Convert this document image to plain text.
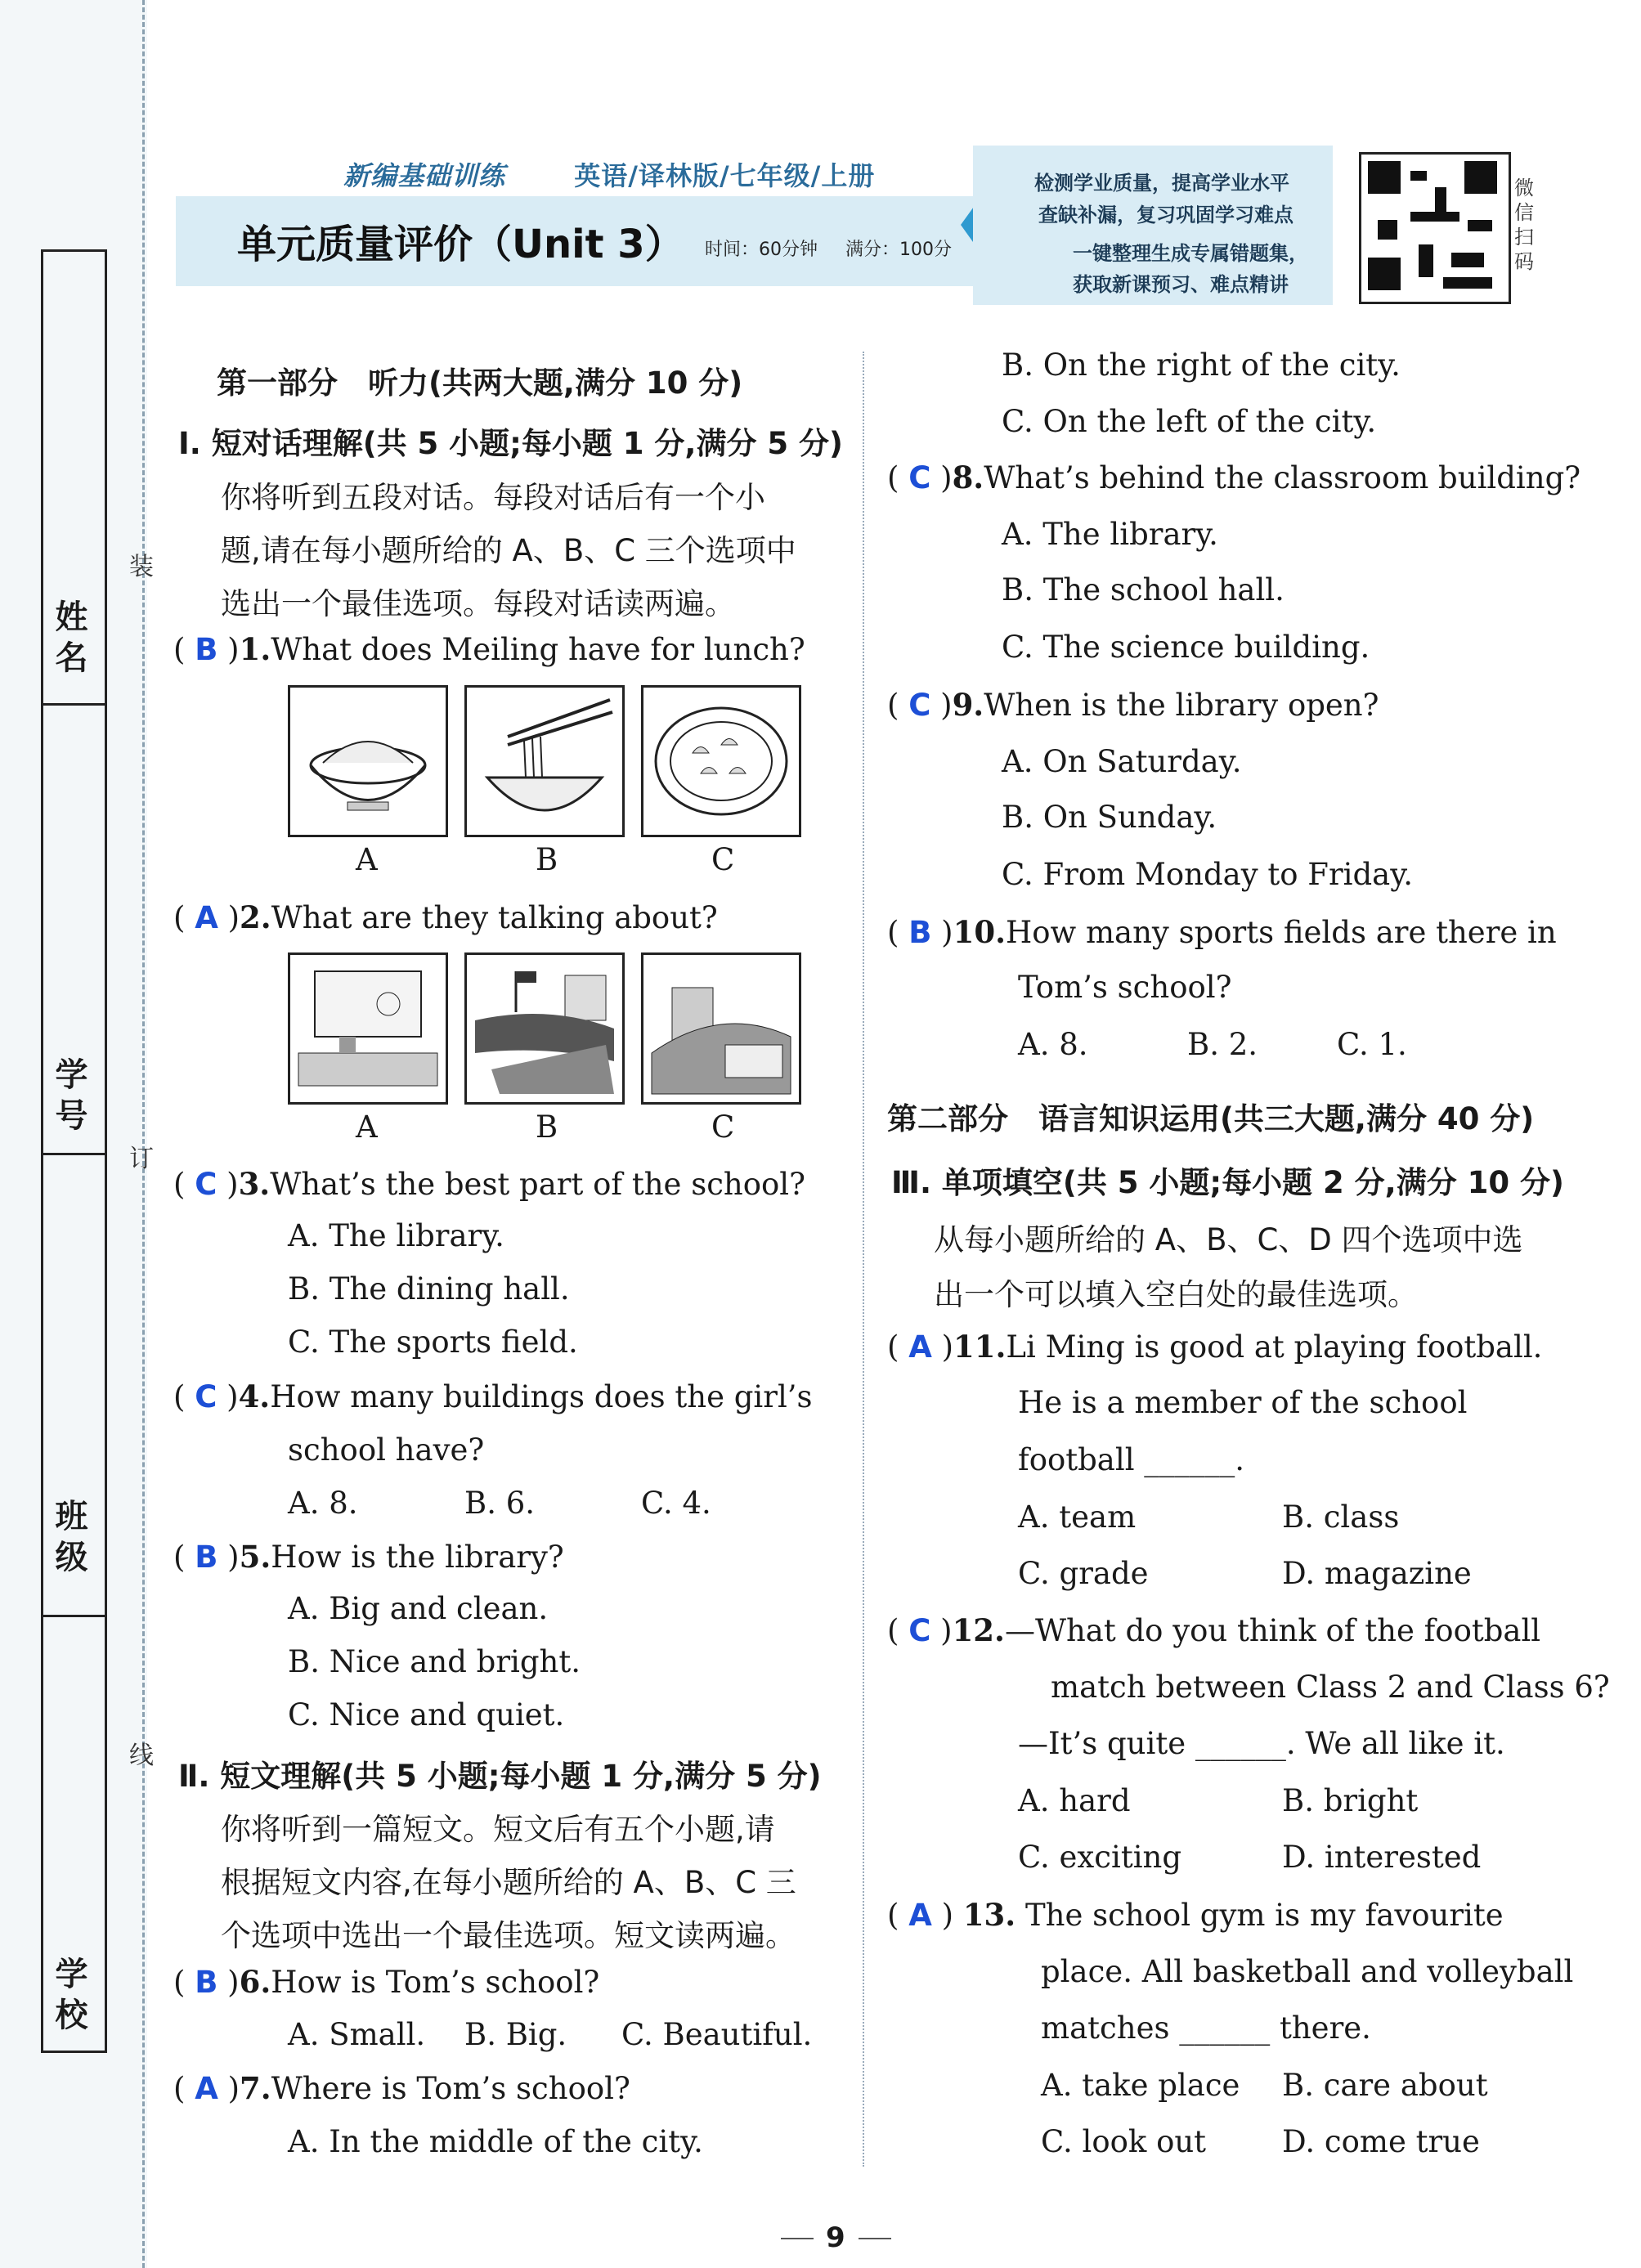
姓名
学号
班级
学校
装
订
线
新编基础训练	英语/译林版/七年级/上册
单元质量评价（Unit 3） 时间：60分钟 满分：100分
检测学业质量，提高学业水平
查缺补漏，复习巩固学习难点
一键整理生成专属错题集，
获取新课预习、难点精讲
微
信
扫
码
第一部分　听力(共两大题,满分 10 分)
Ⅰ. 短对话理解(共 5 小题;每小题 1 分,满分 5 分)
你将听到五段对话。每段对话后有一个小
题,请在每小题所给的 A、B、C 三个选项中
选出一个最佳选项。每段对话读两遍。
( B )1.What does Meiling have for lunch?
A	B	C
( A )2.What are they talking about?
A	B	C
( C )3.What’s the best part of the school?
A. The library.
B. The dining hall.
C. The sports field.
( C )4.How many buildings does the girl’s
school have?
A. 8.	B. 6.	C. 4.
( B )5.How is the library?
A. Big and clean.
B. Nice and bright.
C. Nice and quiet.
Ⅱ. 短文理解(共 5 小题;每小题 1 分,满分 5 分)
你将听到一篇短文。短文后有五个小题,请
根据短文内容,在每小题所给的 A、B、C 三
个选项中选出一个最佳选项。短文读两遍。
( B )6.How is Tom’s school?
A. Small. B. Big. C. Beautiful.
( A )7.Where is Tom’s school?
A. In the middle of the city.
B. On the right of the city.
C. On the left of the city.
( C )8.What’s behind the classroom building?
A. The library.
B. The school hall.
C. The science building.
( C )9.When is the library open?
A. On Saturday.
B. On Sunday.
C. From Monday to Friday.
( B )10.How many sports fields are there in
Tom’s school?
A. 8.	B. 2.	C. 1.
第二部分　语言知识运用(共三大题,满分 40 分)
Ⅲ. 单项填空(共 5 小题;每小题 2 分,满分 10 分)
从每小题所给的 A、B、C、D 四个选项中选
出一个可以填入空白处的最佳选项。
( A )11.Li Ming is good at playing football.
He is a member of the school
football ______.
A. team	B. class
C. grade	D. magazine
( C )12.—What do you think of the football
match between Class 2 and Class 6?
—It’s quite ______. We all like it.
A. hard	B. bright
C. exciting	D. interested
( A ) 13. The school gym is my favourite
place. All basketball and volleyball
matches ______ there.
A. take place B. care about
C. look out	D. come true
9
